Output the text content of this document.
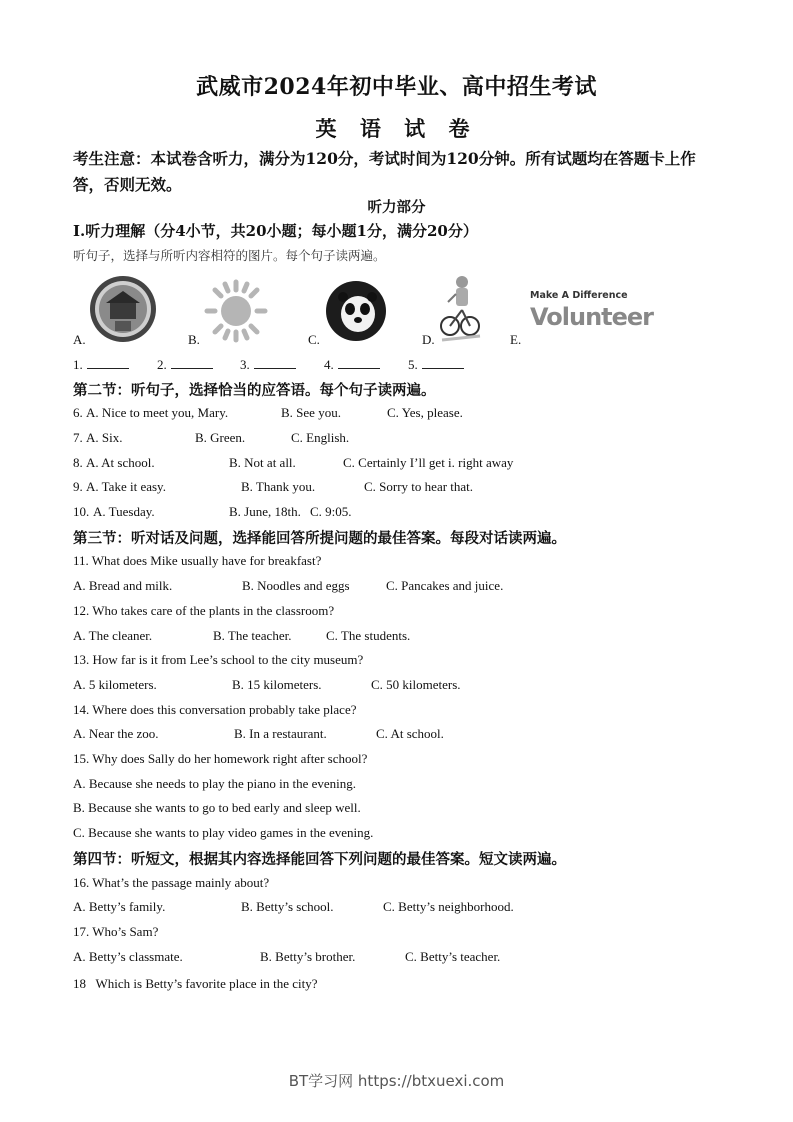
武威市2024年初中毕业、高中招生考试
英 语 试 卷
考生注意：本试卷含听力，满分为120分，考试时间为120分钟。所有试题均在答题卡上作答，否则无效。
听力部分
I.听力理解（分4小节，共20小题；每小题1分，满分20分）
听句子，选择与所听内容相符的图片。每个句子读两遍。
A.	B.	C.	D.	E.
Make A Difference
Volunteer
1.	2.	3.	4.	5.
第二节：听句子，选择恰当的应答语。每个句子读两遍。
6. A. Nice to meet you, Mary.	B. See you.	C. Yes, please.
7. A. Six.	B. Green.	C. English.
8. A. At school.	B. Not at all.	C. Certainly I’ll get i. right away
9. A. Take it easy.	B. Thank you.	C. Sorry to hear that.
10. A. Tuesday.	B. June, 18th. C. 9:05.
第三节：听对话及问题，选择能回答所提问题的最佳答案。每段对话读两遍。
11. What does Mike usually have for breakfast?
A. Bread and milk.	B. Noodles and eggs	C. Pancakes and juice.
12. Who takes care of the plants in the classroom?
A. The cleaner.	B. The teacher.	C. The students.
13. How far is it from Lee’s school to the city museum?
A. 5 kilometers.	B. 15 kilometers.	C. 50 kilometers.
14. Where does this conversation probably take place?
A. Near the zoo.	B. In a restaurant.	C. At school.
15. Why does Sally do her homework right after school?
A. Because she needs to play the piano in the evening.
B. Because she wants to go to bed early and sleep well.
C. Because she wants to play video games in the evening.
第四节：听短文，根据其内容选择能回答下列问题的最佳答案。短文读两遍。
16. What’s the passage mainly about?
A. Betty’s family.	B. Betty’s school.	C. Betty’s neighborhood.
17. Who’s Sam?
A. Betty’s classmate.	B. Betty’s brother.	C. Betty’s teacher.
18   Which is Betty’s favorite place in the city?
BT学习网 https://btxuexi.com
